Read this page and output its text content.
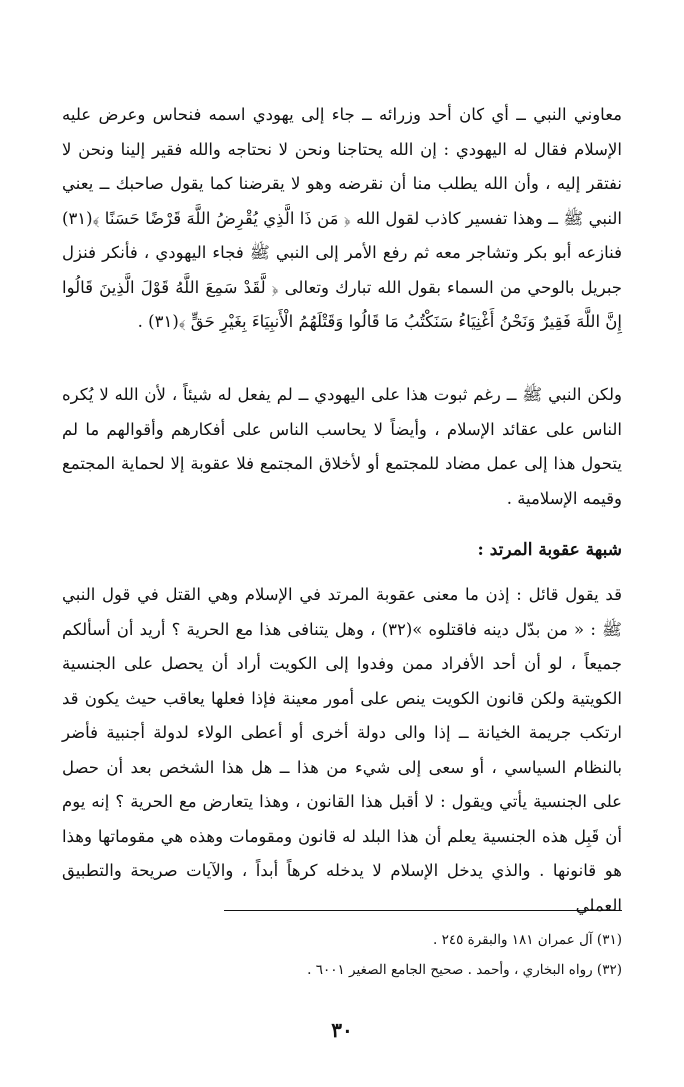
معاوني النبي ــ أي كان أحد وزرائه ــ جاء إلى يهودي اسمه فنحاس وعرض عليه الإسلام فقال له اليهودي : إن الله يحتاجنا ونحن لا نحتاجه والله فقير إلينا ونحن لا نفتقر إليه ، وأن الله يطلب منا أن نقرضه وهو لا يقرضنا كما يقول صاحبك ــ يعني النبي ﷺ ــ وهذا تفسير كاذب لقول الله ﴿ مَن ذَا الَّذِي يُقْرِضُ اللَّهَ قَرْضًا حَسَنًا ﴾(٣١) فنازعه أبو بكر وتشاجر معه ثم رفع الأمر إلى النبي ﷺ فجاء اليهودي ، فأنكر فنزل جبريل بالوحي من السماء بقول الله تبارك وتعالى ﴿ لَّقَدْ سَمِعَ اللَّهُ قَوْلَ الَّذِينَ قَالُوا إِنَّ اللَّهَ فَقِيرٌ وَنَحْنُ أَغْنِيَاءُ سَنَكْتُبُ مَا قَالُوا وَقَتْلَهُمُ الْأَنبِيَاءَ بِغَيْرِ حَقٍّ ﴾(٣١) .

ولكن النبي ﷺ ــ رغم ثبوت هذا على اليهودي ــ لم يفعل له شيئاً ، لأن الله لا يُكره الناس على عقائد الإسلام ، وأيضاً لا يحاسب الناس على أفكارهم وأقوالهم ما لم يتحول هذا إلى عمل مضاد للمجتمع أو لأخلاق المجتمع فلا عقوبة إلا لحماية المجتمع وقيمه الإسلامية .

شبهة عقوبة المرتد :

قد يقول قائل : إذن ما معنى عقوبة المرتد في الإسلام وهي القتل في قول النبي ﷺ : « من بدّل دينه فاقتلوه »(٣٢) ، وهل يتنافى هذا مع الحرية ؟ أريد أن أسألكم جميعاً ، لو أن أحد الأفراد ممن وفدوا إلى الكويت أراد أن يحصل على الجنسية الكويتية ولكن قانون الكويت ينص على أمور معينة فإذا فعلها يعاقب حيث يكون قد ارتكب جريمة الخيانة ــ إذا والى دولة أخرى أو أعطى الولاء لدولة أجنبية فأضر بالنظام السياسي ، أو سعى إلى شيء من هذا ــ هل هذا الشخص بعد أن حصل على الجنسية يأتي ويقول : لا أقبل هذا القانون ، وهذا يتعارض مع الحرية ؟ إنه يوم أن قَبِل هذه الجنسية يعلم أن هذا البلد له قانون ومقومات وهذه هي مقوماتها وهذا هو قانونها . والذي يدخل الإسلام لا يدخله كرهاً أبداً ، والآيات صريحة والتطبيق العملي

(٣١) آل عمران ١٨١ والبقرة ٢٤٥ .
(٣٢) رواه البخاري ، وأحمد . صحيح الجامع الصغير ٦٠٠١ .
٣٠
